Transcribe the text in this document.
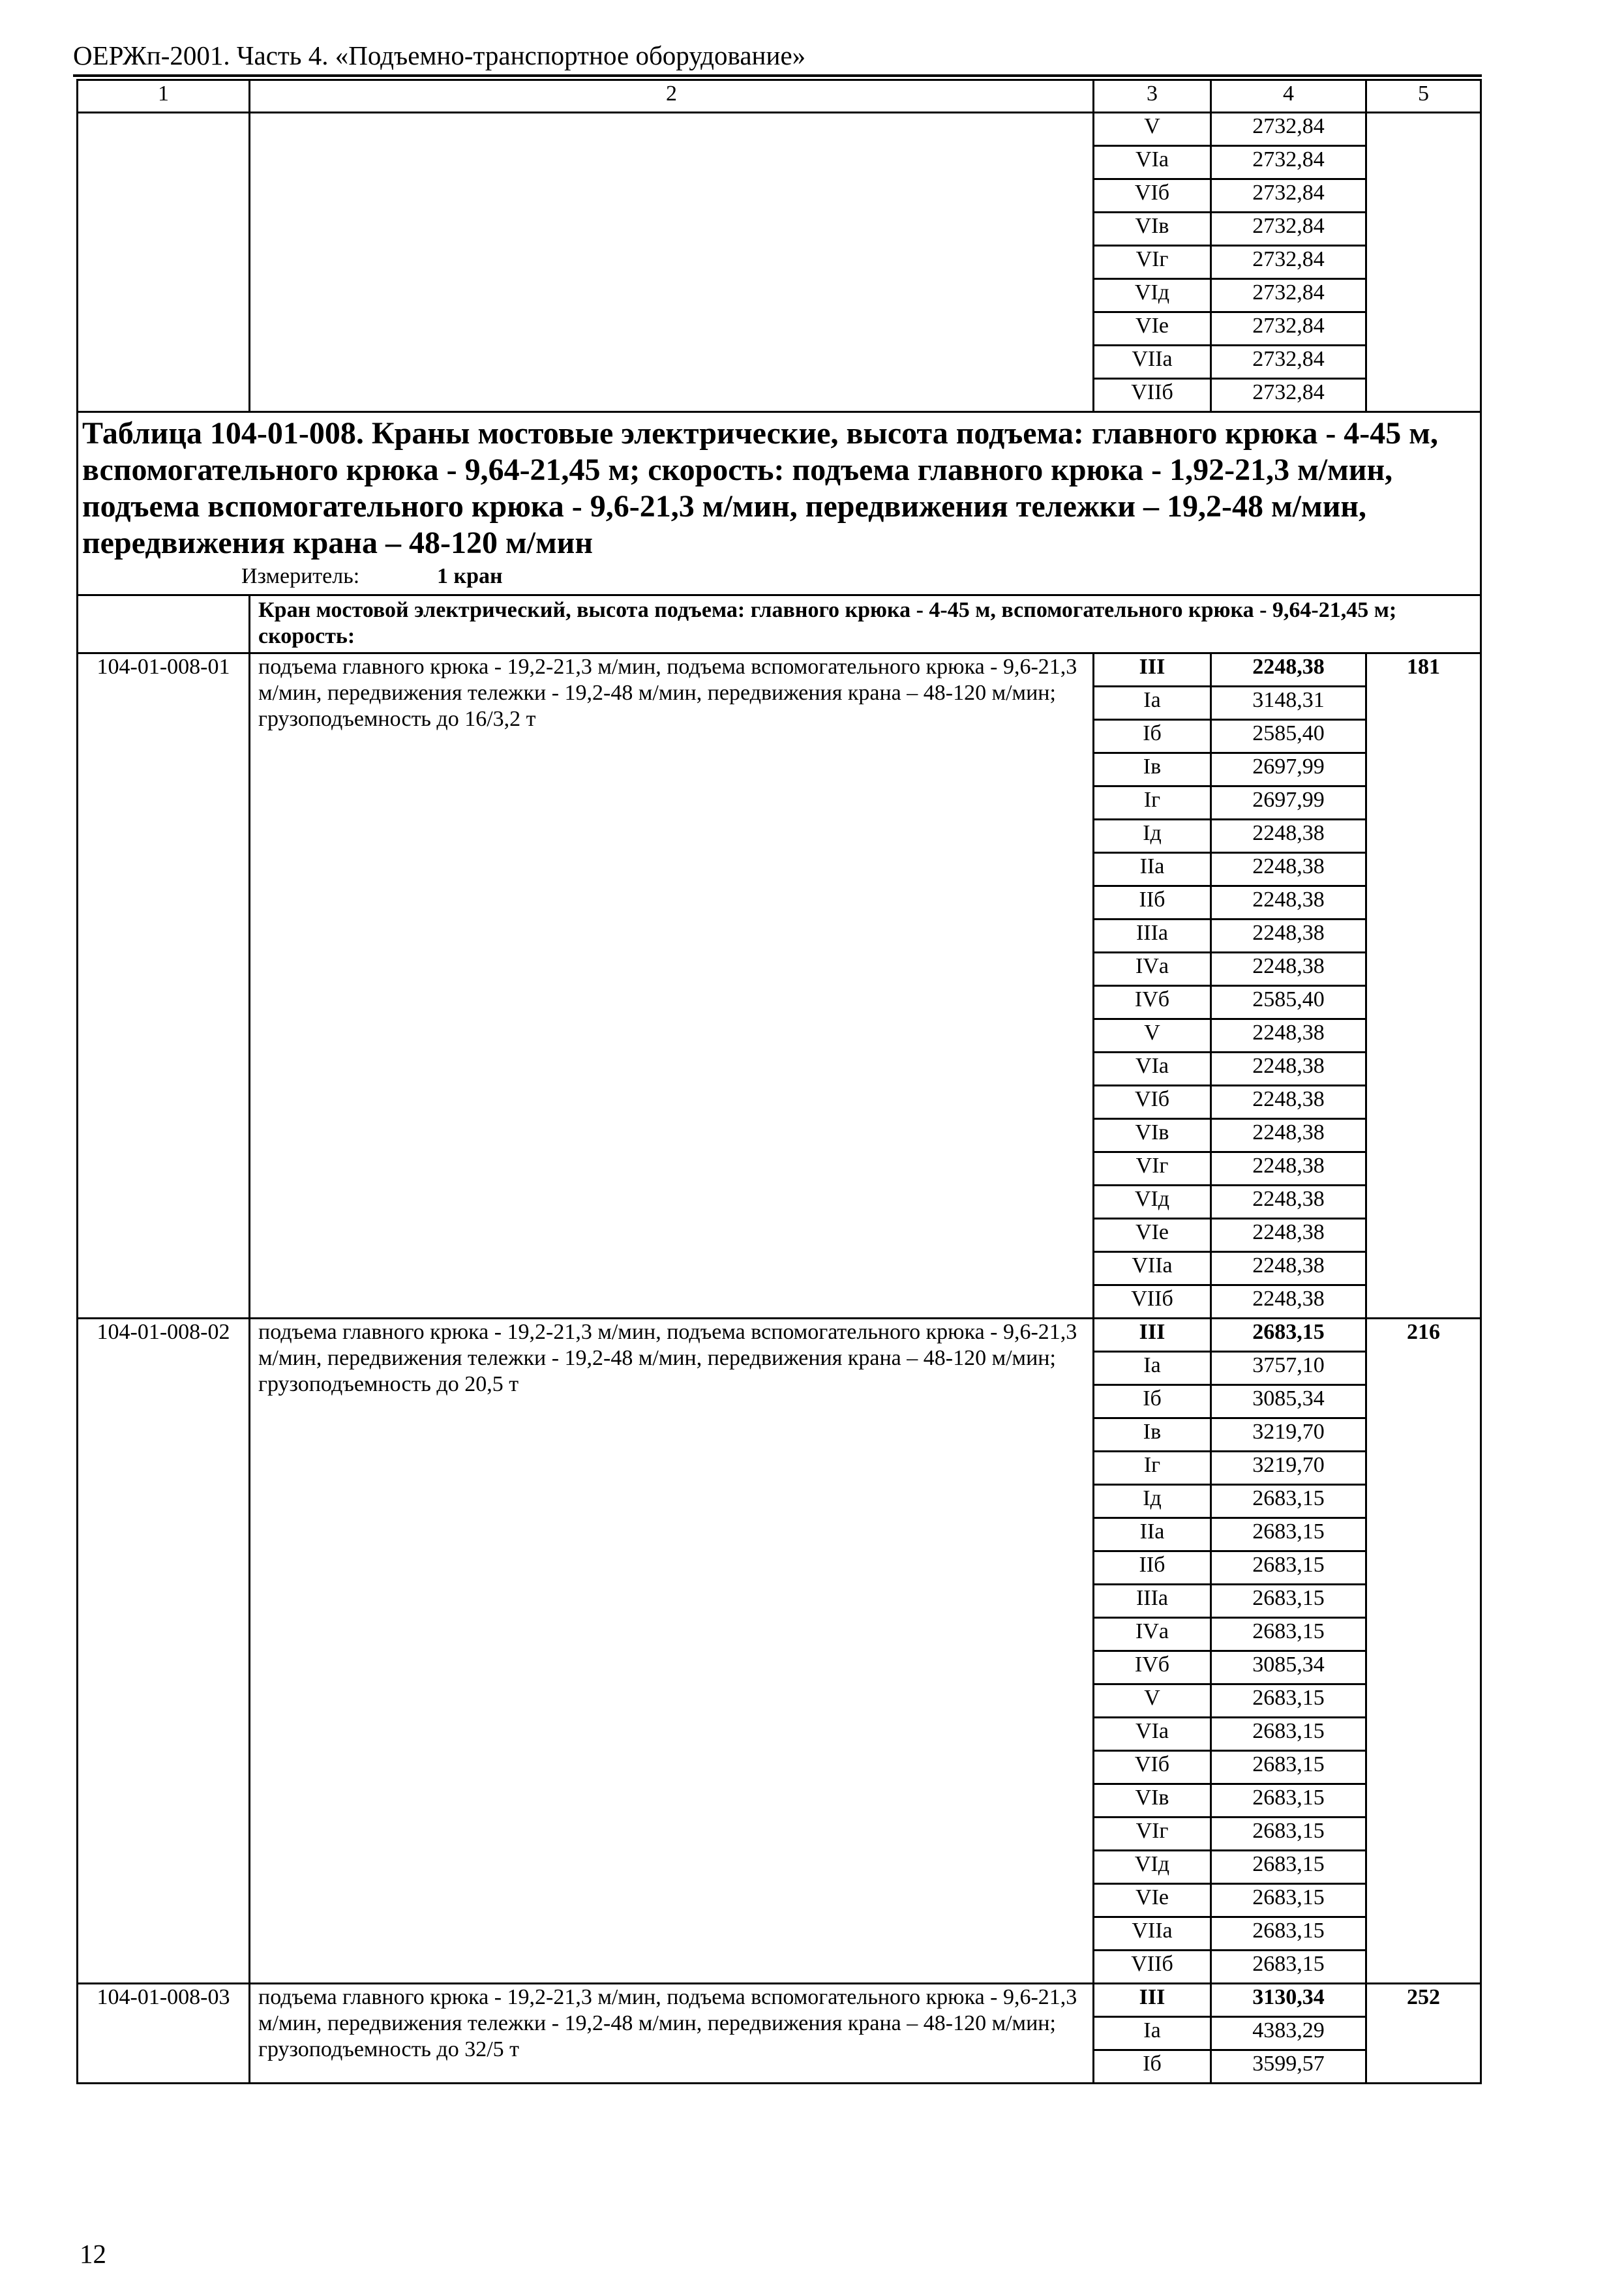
ОЕРЖп-2001. Часть 4. «Подъемно-транспортное оборудование»
1	2	3	4	5
		V	2732,84	
		VIа	2732,84	
		VIб	2732,84	
		VIв	2732,84	
		VIг	2732,84	
		VIд	2732,84	
		VIе	2732,84	
		VIIа	2732,84	
		VIIб	2732,84	

Таблица 104-01-008. Краны мостовые электрические, высота подъема: главного крюка - 4-45 м, вспомогательного крюка - 9,64-21,45 м; скорость: подъема главного крюка - 1,92-21,3 м/мин, подъема вспомогательного крюка - 9,6-21,3 м/мин, передвижения тележки – 19,2-48 м/мин, передвижения крана – 48-120 м/мин
Измеритель: 1 кран				

	Кран мостовой электрический, высота подъема: главного крюка - 4-45 м, вспомогательного крюка - 9,64-21,45 м; скорость:			

104-01-008-01	подъема главного крюка - 19,2-21,3 м/мин, подъема вспомогательного крюка - 9,6-21,3 м/мин, передвижения тележки - 19,2-48 м/мин, передвижения крана – 48-120 м/мин; грузоподъемность до 16/3,2 т	III	2248,38	181
		Iа	3148,31	
		Iб	2585,40	
		Iв	2697,99	
		Iг	2697,99	
		Iд	2248,38	
		IIа	2248,38	
		IIб	2248,38	
		IIIа	2248,38	
		IVа	2248,38	
		IVб	2585,40	
		V	2248,38	
		VIа	2248,38	
		VIб	2248,38	
		VIв	2248,38	
		VIг	2248,38	
		VIд	2248,38	
		VIе	2248,38	
		VIIа	2248,38	
		VIIб	2248,38	
104-01-008-02	подъема главного крюка - 19,2-21,3 м/мин, подъема вспомогательного крюка - 9,6-21,3 м/мин, передвижения тележки - 19,2-48 м/мин, передвижения крана – 48-120 м/мин; грузоподъемность до 20,5 т	III	2683,15	216
		Iа	3757,10	
		Iб	3085,34	
		Iв	3219,70	
		Iг	3219,70	
		Iд	2683,15	
		IIа	2683,15	
		IIб	2683,15	
		IIIа	2683,15	
		IVа	2683,15	
		IVб	3085,34	
		V	2683,15	
		VIа	2683,15	
		VIб	2683,15	
		VIв	2683,15	
		VIг	2683,15	
		VIд	2683,15	
		VIе	2683,15	
		VIIа	2683,15	
		VIIб	2683,15	
104-01-008-03	подъема главного крюка - 19,2-21,3 м/мин, подъема вспомогательного крюка - 9,6-21,3 м/мин, передвижения тележки - 19,2-48 м/мин, передвижения крана – 48-120 м/мин; грузоподъемность до 32/5 т	III	3130,34	252
		Iа	4383,29	
		Iб	3599,57	
12
